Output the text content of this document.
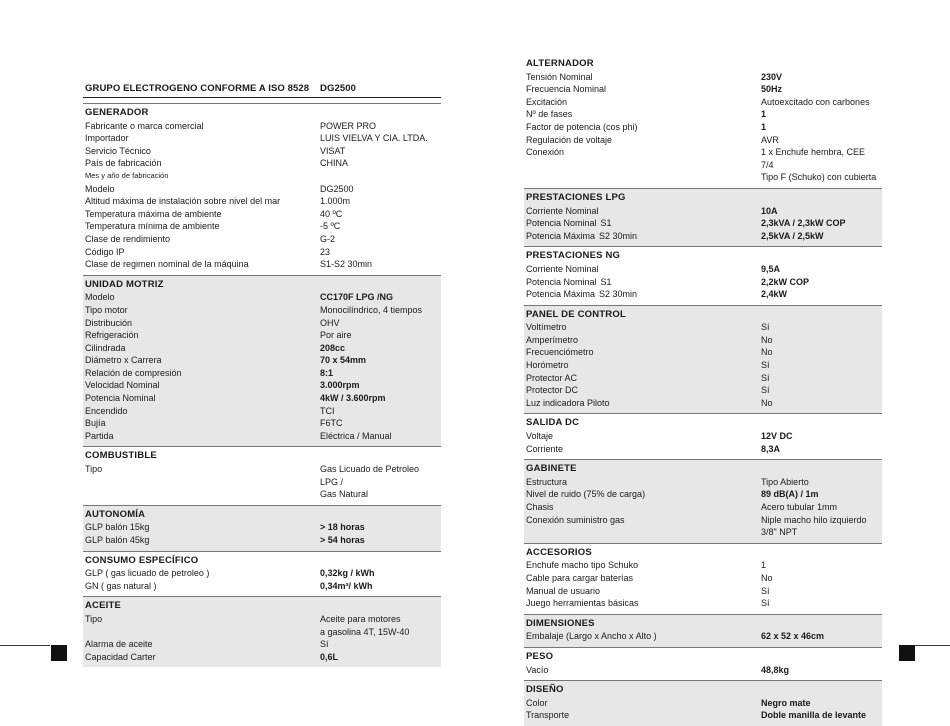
GRUPO ELECTROGENO CONFORME A ISO 8528	DG2500
GENERADOR
Fabricante o marca comercial	POWER PRO
Importador	LUIS VIELVA Y CIA. LTDA.
Servicio Técnico	VISAT
País de fabricación	CHINA
Mes y año de fabricación
Modelo	DG2500
Altitud máxima de instalación sobre nivel del mar	1.000m
Temperatura máxima de ambiente	40 ºC
Temperatura mínima de ambiente	-5 ºC
Clase de rendimiento	G-2
Código IP	23
Clase de regimen nominal de la máquina	S1-S2 30min
UNIDAD MOTRIZ
Modelo	CC170F LPG /NG
Tipo motor	Monocilíndrico, 4 tiempos
Distribución	OHV
Refrigeración	Por aire
Cilindrada	208cc
Diámetro x Carrera	70 x 54mm
Relación de compresión	8:1
Velocidad Nominal	3.000rpm
Potencia Nominal	4kW / 3.600rpm
Encendido	TCI
Bujía	F6TC
Partida	Eléctrica / Manual
COMBUSTIBLE
Tipo	Gas Licuado de Petroleo LPG /
Gas Natural
AUTONOMÍA
GLP balón 15kg	> 18 horas
GLP balón 45kg	> 54 horas
CONSUMO ESPECÍFICO
GLP ( gas licuado de petroleo )	0,32kg / kWh
GN ( gas natural )	0,34m³/ kWh
ACEITE
Tipo	Aceite para motores
a gasolina 4T, 15W-40
Alarma de aceite	Sí
Capacidad Carter	0,6L
ALTERNADOR
Tensión Nominal	230V
Frecuencia Nominal	50Hz
Excitación	Autoexcitado con carbones
Nº de fases	1
Factor de potencia (cos phi)	1
Regulación de voltaje	AVR
Conexión	1 x Enchufe hembra, CEE 7/4
Tipo F (Schuko) con cubierta
PRESTACIONES LPG
Corriente Nominal	10A
Potencia Nominal S1	2,3kVA / 2,3kW COP
Potencia Máxima S2 30min	2,5kVA / 2,5kW
PRESTACIONES NG
Corriente Nominal	9,5A
Potencia Nominal S1	2,2kW COP
Potencia Máxima S2 30min	2,4kW
PANEL DE CONTROL
Voltímetro	Sí
Amperímetro	No
Frecuenciómetro	No
Horómetro	Sí
Protector AC	Sí
Protector DC	Sí
Luz indicadora Piloto	No
SALIDA DC
Voltaje	12V DC
Corriente	8,3A
GABINETE
Estructura	Tipo Abierto
Nivel de ruido (75% de carga)	89 dB(A) / 1m
Chasis	Acero tubular 1mm
Conexión suministro gas	Niple macho hilo izquierdo
3/8" NPT
ACCESORIOS
Enchufe macho tipo Schuko	1
Cable para cargar baterías	No
Manual de usuario	Sí
Juego herramientas básicas	Sí
DIMENSIONES
Embalaje (Largo x Ancho x Alto )	62 x 52 x 46cm
PESO
Vacío	48,8kg
DISEÑO
Color	Negro mate
Transporte	Doble manilla de levante
